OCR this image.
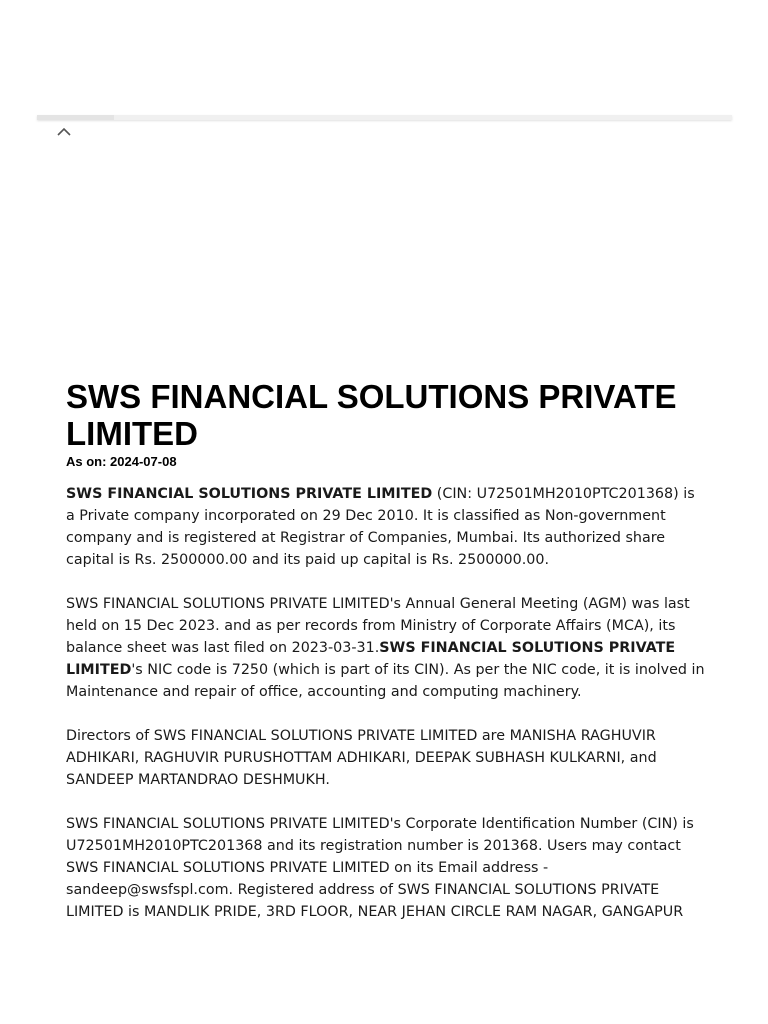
SWS FINANCIAL SOLUTIONS PRIVATE LIMITED
As on: 2024-07-08

SWS FINANCIAL SOLUTIONS PRIVATE LIMITED (CIN: U72501MH2010PTC201368) is a Private company incorporated on 29 Dec 2010. It is classified as Non-government company and is registered at Registrar of Companies, Mumbai. Its authorized share capital is Rs. 2500000.00 and its paid up capital is Rs. 2500000.00.

SWS FINANCIAL SOLUTIONS PRIVATE LIMITED's Annual General Meeting (AGM) was last held on 15 Dec 2023. and as per records from Ministry of Corporate Affairs (MCA), its balance sheet was last filed on 2023-03-31.SWS FINANCIAL SOLUTIONS PRIVATE LIMITED's NIC code is 7250 (which is part of its CIN). As per the NIC code, it is inolved in Maintenance and repair of office, accounting and computing machinery.

Directors of SWS FINANCIAL SOLUTIONS PRIVATE LIMITED are MANISHA RAGHUVIR ADHIKARI, RAGHUVIR PURUSHOTTAM ADHIKARI, DEEPAK SUBHASH KULKARNI, and SANDEEP MARTANDRAO DESHMUKH.

SWS FINANCIAL SOLUTIONS PRIVATE LIMITED's Corporate Identification Number (CIN) is U72501MH2010PTC201368 and its registration number is 201368. Users may contact SWS FINANCIAL SOLUTIONS PRIVATE LIMITED on its Email address - sandeep@swsfspl.com. Registered address of SWS FINANCIAL SOLUTIONS PRIVATE LIMITED is MANDLIK PRIDE, 3RD FLOOR, NEAR JEHAN CIRCLE RAM NAGAR, GANGAPUR
